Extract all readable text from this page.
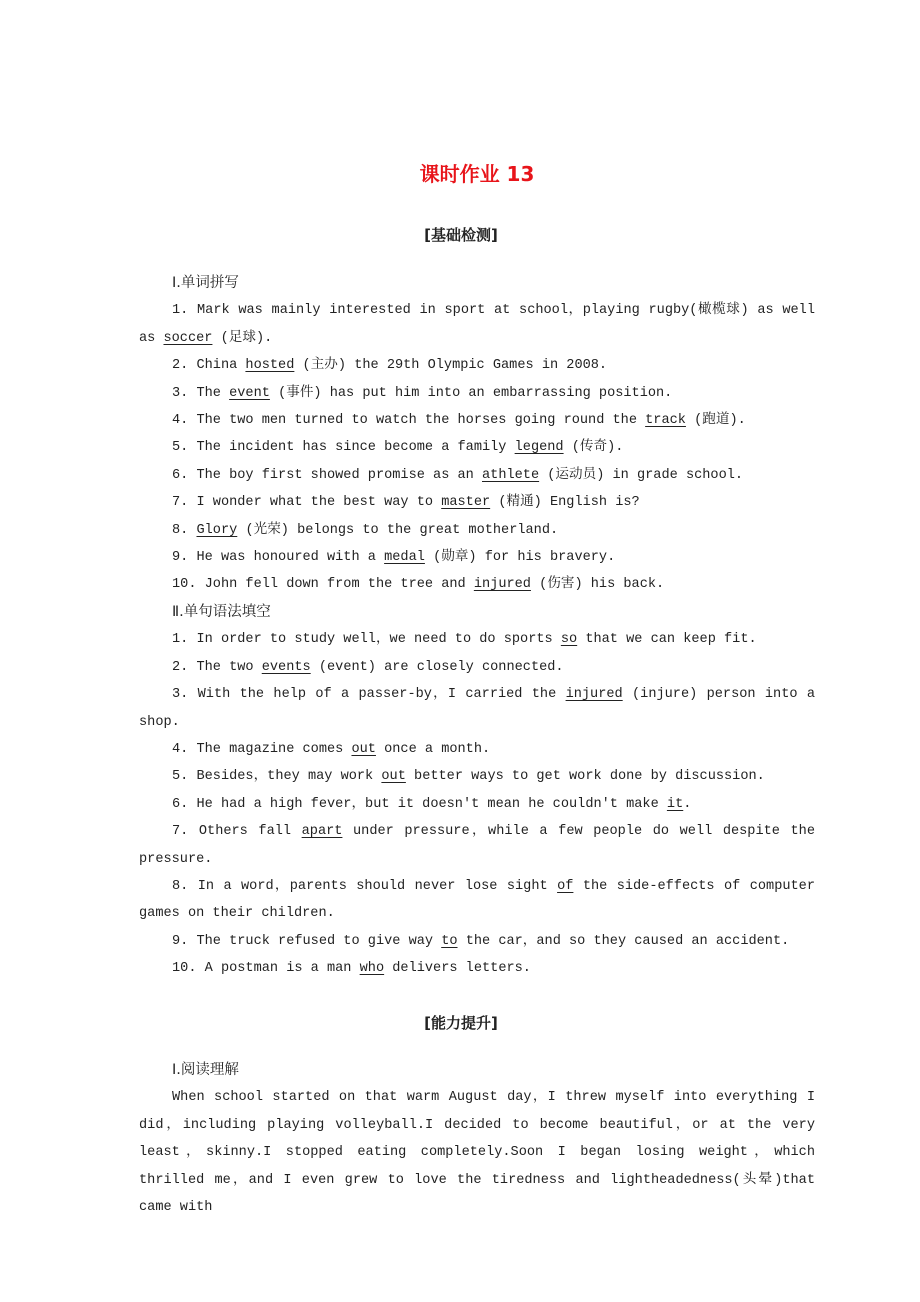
课时作业 13
[基础检测]

Ⅰ.单词拼写

1. Mark was mainly interested in sport at school，playing rugby(橄榄球) as well as soccer (足球).

2. China hosted (主办) the 29th Olympic Games in 2008.

3. The event (事件) has put him into an embarrassing position.

4. The two men turned to watch the horses going round the track (跑道).

5. The incident has since become a family legend (传奇).

6. The boy first showed promise as an athlete (运动员) in grade school.

7. I wonder what the best way to master (精通) English is?

8. Glory (光荣) belongs to the great motherland.

9. He was honoured with a medal (勋章) for his bravery.

10. John fell down from the tree and injured (伤害) his back.

Ⅱ.单句语法填空

1. In order to study well，we need to do sports so that we can keep fit.

2. The two events (event) are closely connected.

3. With the help of a passer-by，I carried the injured (injure) person into a shop.

4. The magazine comes out once a month.

5. Besides，they may work out better ways to get work done by discussion.

6. He had a high fever，but it doesn't mean he couldn't make it.

7. Others fall apart under pressure，while a few people do well despite the pressure.

8. In a word，parents should never lose sight of the side-effects of computer games on their children.

9. The truck refused to give way to the car，and so they caused an accident.

10. A postman is a man who delivers letters.

[能力提升]

Ⅰ.阅读理解

When school started on that warm August day，I threw myself into everything I did，including playing volleyball.I decided to become beautiful，or at the very least，skinny.I stopped eating completely.Soon I began losing weight，which thrilled me，and I even grew to love the tiredness and lightheadedness(头晕)that came with
